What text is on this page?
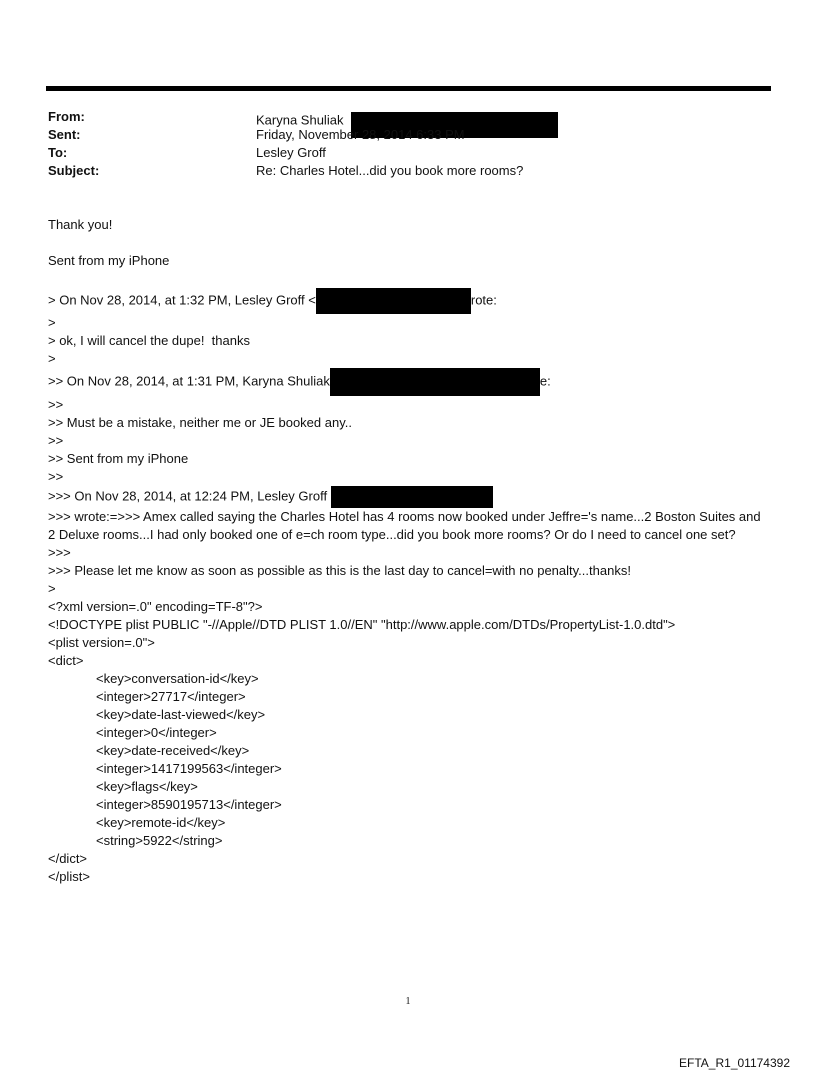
From:	Karyna Shuliak
Sent:	Friday, November 28, 2014 6:33 PM
To:	Lesley Groff
Subject:	Re: Charles Hotel...did you book more rooms?
Thank you!
Sent from my iPhone
> On Nov 28, 2014, at 1:32 PM, Lesley Groff <	rote:
>
> ok, I will cancel the dupe!  thanks
>
>> On Nov 28, 2014, at 1:31 PM, Karyna Shuliak	e:
>>
>> Must be a mistake, neither me or JE booked any..
>>
>> Sent from my iPhone
>>
>>> On Nov 28, 2014, at 12:24 PM, Lesley Groff
>>> wrote:=>>> Amex called saying the Charles Hotel has 4 rooms now booked under Jeffre='s name...2 Boston Suites and 2 Deluxe rooms...I had only booked one of e=ch room type...did you book more rooms? Or do I need to cancel one set?
>>>
>>> Please let me know as soon as possible as this is the last day to cancel=with no penalty...thanks!
>
<?xml version=.0" encoding=TF-8"?>
<!DOCTYPE plist PUBLIC "-//Apple//DTD PLIST 1.0//EN" "http://www.apple.com/DTDs/PropertyList-1.0.dtd">
<plist version=.0">
<dict>
<key>conversation-id</key>
<integer>27717</integer>
<key>date-last-viewed</key>
<integer>0</integer>
<key>date-received</key>
<integer>1417199563</integer>
<key>flags</key>
<integer>8590195713</integer>
<key>remote-id</key>
<string>5922</string>
</dict>
</plist>
1
EFTA_R1_01174392
